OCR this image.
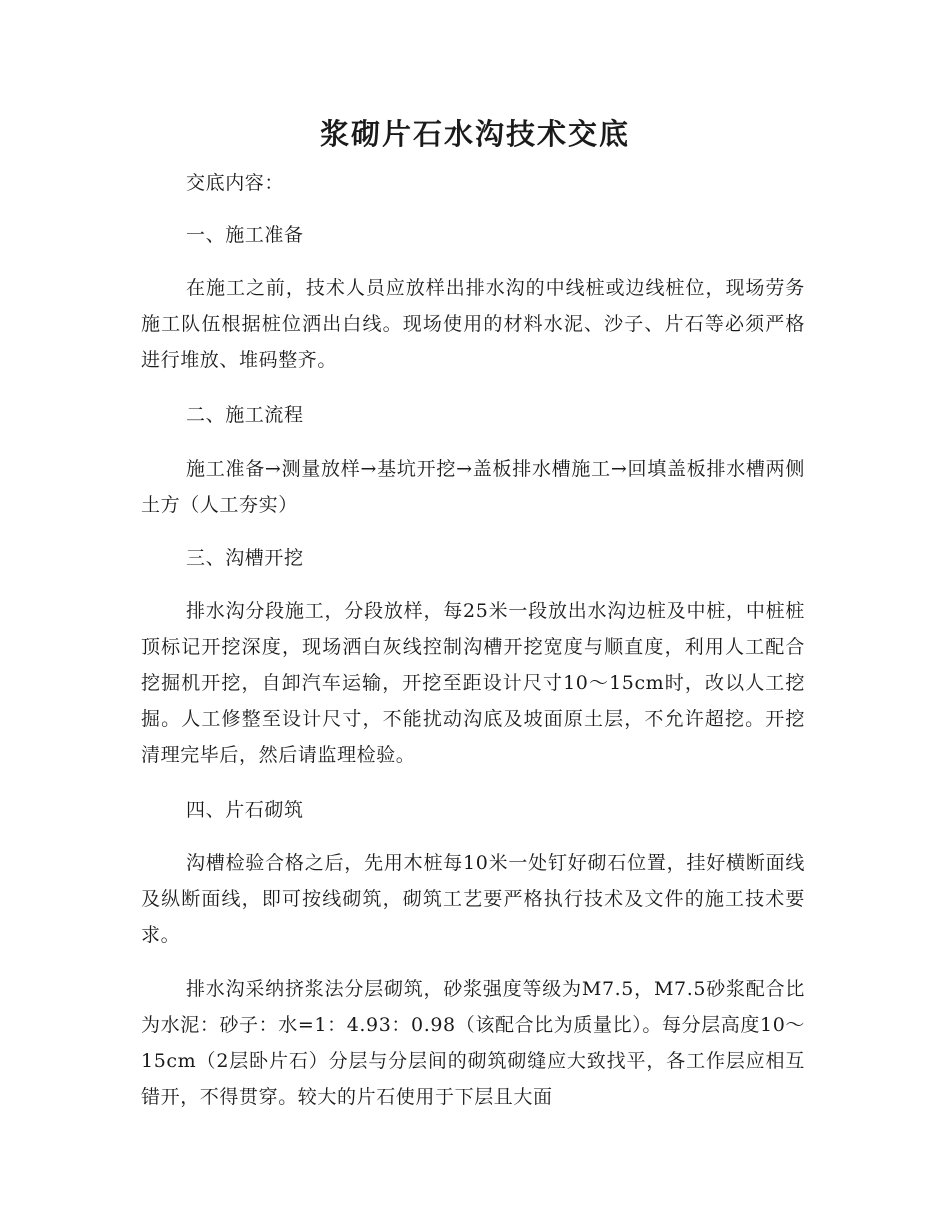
浆砌片石水沟技术交底

交底内容：

一、施工准备

在施工之前，技术人员应放样出排水沟的中线桩或边线桩位，现场劳务施工队伍根据桩位洒出白线。现场使用的材料水泥、沙子、片石等必须严格进行堆放、堆码整齐。

二、施工流程

施工准备→测量放样→基坑开挖→盖板排水槽施工→回填盖板排水槽两侧土方（人工夯实）

三、沟槽开挖

排水沟分段施工，分段放样，每25米一段放出水沟边桩及中桩，中桩桩顶标记开挖深度，现场洒白灰线控制沟槽开挖宽度与顺直度，利用人工配合挖掘机开挖，自卸汽车运输，开挖至距设计尺寸10～15cm时，改以人工挖掘。人工修整至设计尺寸，不能扰动沟底及坡面原土层，不允许超挖。开挖清理完毕后，然后请监理检验。

四、片石砌筑

沟槽检验合格之后，先用木桩每10米一处钉好砌石位置，挂好横断面线及纵断面线，即可按线砌筑，砌筑工艺要严格执行技术及文件的施工技术要求。

排水沟采纳挤浆法分层砌筑，砂浆强度等级为M7.5，M7.5砂浆配合比为水泥：砂子：水=1：4.93：0.98（该配合比为质量比）。每分层高度10～15cm（2层卧片石）分层与分层间的砌筑砌缝应大致找平，各工作层应相互错开，不得贯穿。较大的片石使用于下层且大面
